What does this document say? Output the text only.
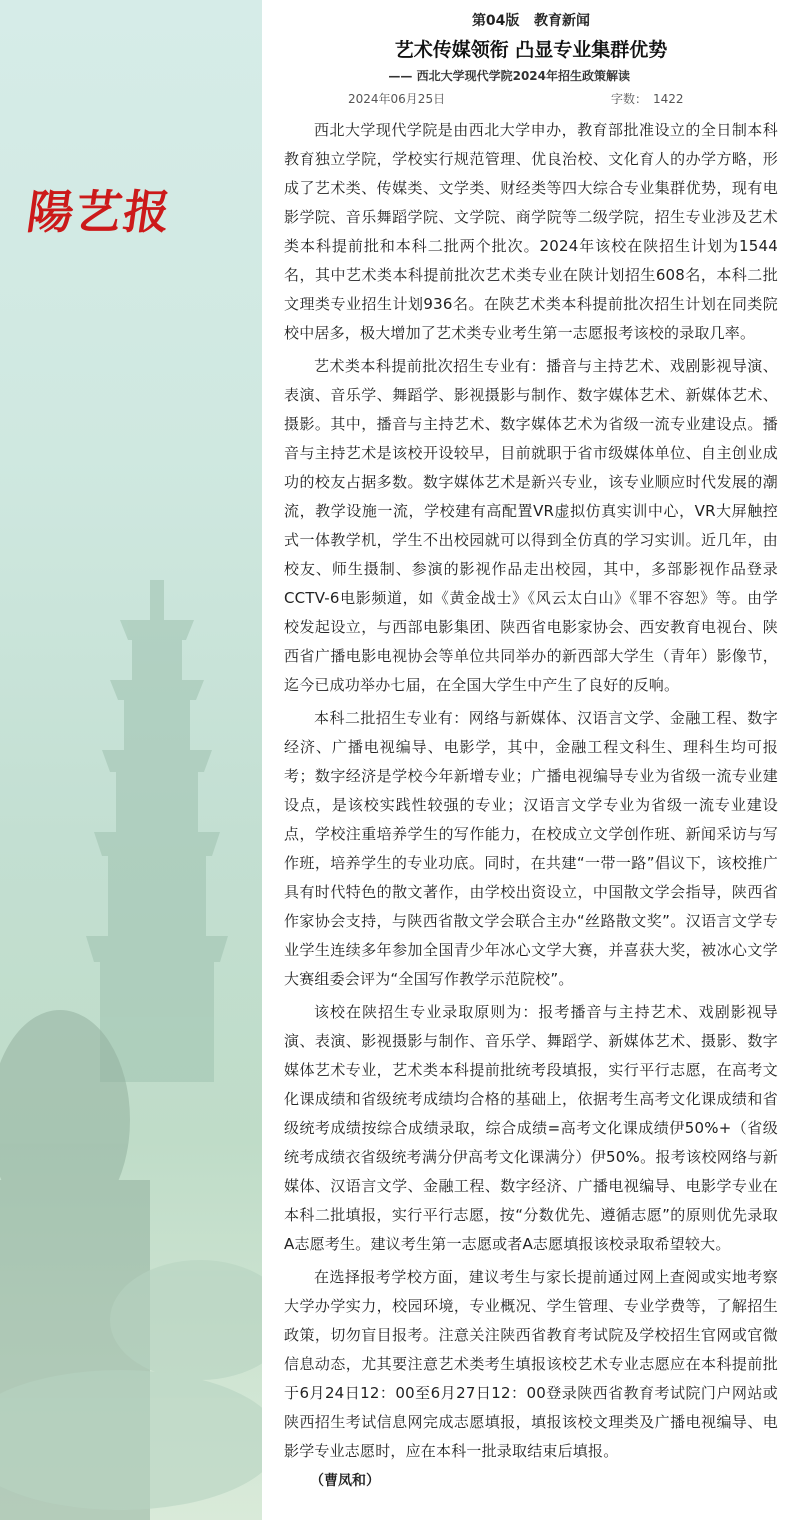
陽艺报
第04版 教育新闻
艺术传媒领衔 凸显专业集群优势
—— 西北大学现代学院2024年招生政策解读
2024年06月25日	字数： 1422

西北大学现代学院是由西北大学申办，教育部批准设立的全日制本科教育独立学院，学校实行规范管理、优良治校、文化育人的办学方略，形成了艺术类、传媒类、文学类、财经类等四大综合专业集群优势，现有电影学院、音乐舞蹈学院、文学院、商学院等二级学院，招生专业涉及艺术类本科提前批和本科二批两个批次。2024年该校在陕招生计划为1544名，其中艺术类本科提前批次艺术类专业在陕计划招生608名，本科二批文理类专业招生计划936名。在陕艺术类本科提前批次招生计划在同类院校中居多，极大增加了艺术类专业考生第一志愿报考该校的录取几率。

艺术类本科提前批次招生专业有：播音与主持艺术、戏剧影视导演、表演、音乐学、舞蹈学、影视摄影与制作、数字媒体艺术、新媒体艺术、摄影。其中，播音与主持艺术、数字媒体艺术为省级一流专业建设点。播音与主持艺术是该校开设较早，目前就职于省市级媒体单位、自主创业成功的校友占据多数。数字媒体艺术是新兴专业，该专业顺应时代发展的潮流，教学设施一流，学校建有高配置VR虚拟仿真实训中心，VR大屏触控式一体教学机，学生不出校园就可以得到全仿真的学习实训。近几年，由校友、师生摄制、参演的影视作品走出校园，其中，多部影视作品登录CCTV-6电影频道，如《黄金战士》《风云太白山》《罪不容恕》等。由学校发起设立，与西部电影集团、陕西省电影家协会、西安教育电视台、陕西省广播电影电视协会等单位共同举办的新西部大学生（青年）影像节，迄今已成功举办七届，在全国大学生中产生了良好的反响。

本科二批招生专业有：网络与新媒体、汉语言文学、金融工程、数字经济、广播电视编导、电影学，其中，金融工程文科生、理科生均可报考；数字经济是学校今年新增专业；广播电视编导专业为省级一流专业建设点，是该校实践性较强的专业；汉语言文学专业为省级一流专业建设点，学校注重培养学生的写作能力，在校成立文学创作班、新闻采访与写作班，培养学生的专业功底。同时，在共建“一带一路”倡议下，该校推广具有时代特色的散文著作，由学校出资设立，中国散文学会指导，陕西省作家协会支持，与陕西省散文学会联合主办“丝路散文奖”。汉语言文学专业学生连续多年参加全国青少年冰心文学大赛，并喜获大奖，被冰心文学大赛组委会评为“全国写作教学示范院校”。

该校在陕招生专业录取原则为：报考播音与主持艺术、戏剧影视导演、表演、影视摄影与制作、音乐学、舞蹈学、新媒体艺术、摄影、数字媒体艺术专业，艺术类本科提前批统考段填报，实行平行志愿，在高考文化课成绩和省级统考成绩均合格的基础上，依据考生高考文化课成绩和省级统考成绩按综合成绩录取，综合成绩=高考文化课成绩伊50%+（省级统考成绩衣省级统考满分伊高考文化课满分）伊50%。报考该校网络与新媒体、汉语言文学、金融工程、数字经济、广播电视编导、电影学专业在本科二批填报，实行平行志愿，按“分数优先、遵循志愿”的原则优先录取A志愿考生。建议考生第一志愿或者A志愿填报该校录取希望较大。

在选择报考学校方面，建议考生与家长提前通过网上查阅或实地考察大学办学实力，校园环境，专业概况、学生管理、专业学费等，了解招生政策，切勿盲目报考。注意关注陕西省教育考试院及学校招生官网或官微信息动态，尤其要注意艺术类考生填报该校艺术专业志愿应在本科提前批于6月24日12：00至6月27日12：00登录陕西省教育考试院门户网站或陕西招生考试信息网完成志愿填报，填报该校文理类及广播电视编导、电影学专业志愿时，应在本科一批录取结束后填报。

（曹凤和）
